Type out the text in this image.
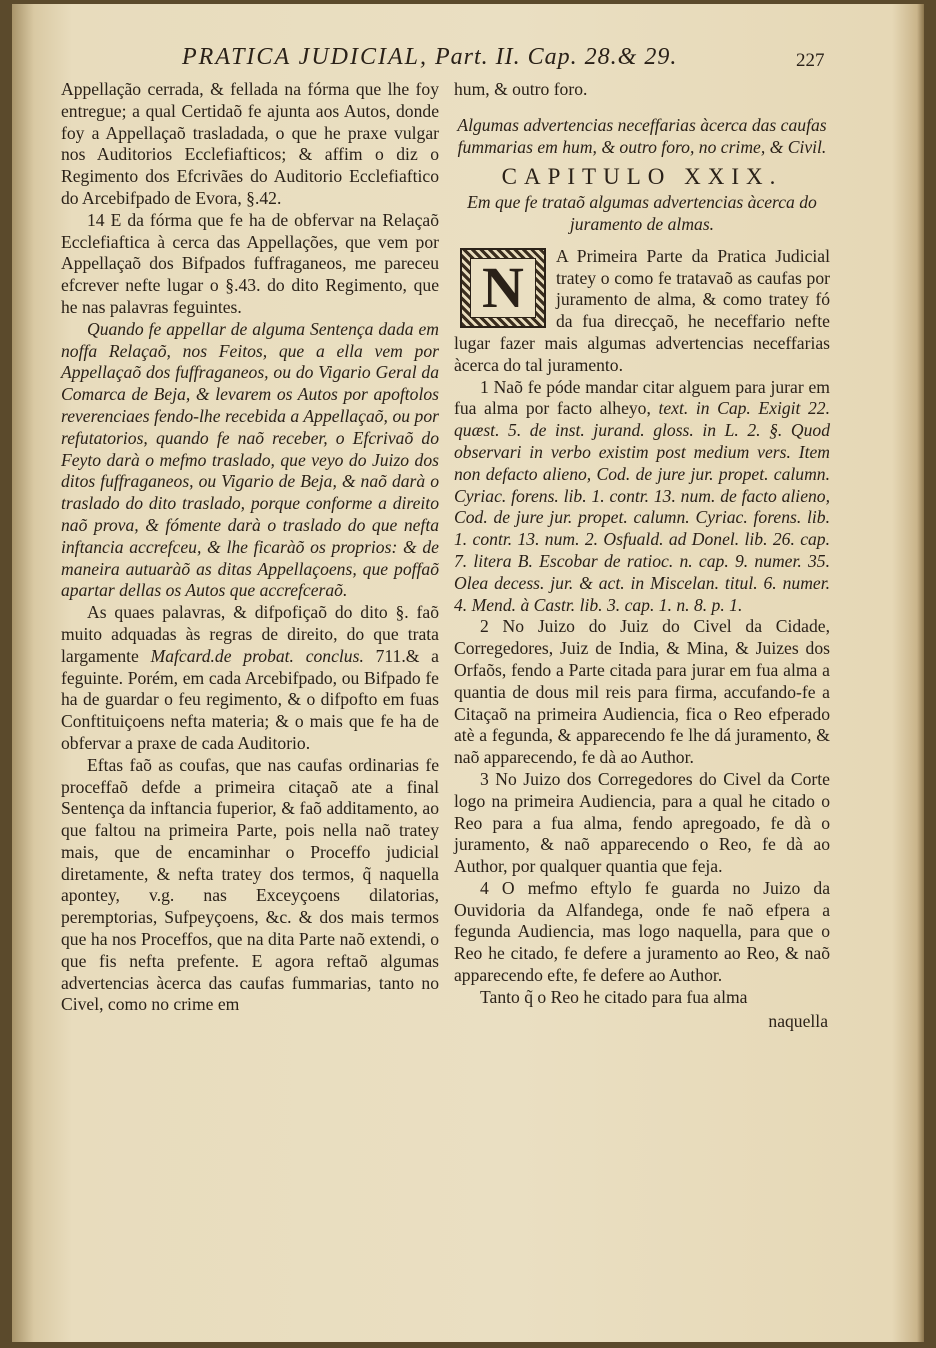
PRATICA JUDICIAL, Part. II. Cap. 28.& 29.	227

Appellação cerrada, & fellada na fórma que lhe foy entregue; a qual Certidaõ fe ajunta aos Autos, donde foy a Appellaçaõ trasladada, o que he praxe vulgar nos Auditorios Ecclefiafticos; & affim o diz o Regimento dos Efcrivães do Auditorio Ecclefiaftico do Arcebifpado de Evora, §.42.

14 E da fórma que fe ha de obfervar na Relaçaõ Ecclefiaftica à cerca das Appellações, que vem por Appellaçaõ dos Bifpados fuffraganeos, me pareceu efcrever nefte lugar o §.43. do dito Regimento, que he nas palavras feguintes.

Quando fe appellar de alguma Sentença dada em noffa Relaçaõ, nos Feitos, que a ella vem por Appellaçaõ dos fuffraganeos, ou do Vigario Geral da Comarca de Beja, & levarem os Autos por apoftolos reverenciaes fendo-lhe recebida a Appellaçaõ, ou por refutatorios, quando fe naõ receber, o Efcrivaõ do Feyto darà o mefmo traslado, que veyo do Juizo dos ditos fuffraganeos, ou Vigario de Beja, & naõ darà o traslado do dito traslado, porque conforme a direito naõ prova, & fómente darà o traslado do que nefta inftancia accrefceu, & lhe ficaràõ os proprios: & de maneira autuaràõ as ditas Appellaçoens, que poffaõ apartar dellas os Autos que accrefceraõ.

As quaes palavras, & difpofiçaõ do dito §. faõ muito adquadas às regras de direito, do que trata largamente Mafcard.de probat. conclus. 711.& a feguinte. Porém, em cada Arcebifpado, ou Bifpado fe ha de guardar o feu regimento, & o difpofto em fuas Conftituiçoens nefta materia; & o mais que fe ha de obfervar a praxe de cada Auditorio.

Eftas faõ as coufas, que nas caufas ordinarias fe proceffaõ defde a primeira citaçaõ ate a final Sentença da inftancia fuperior, & faõ additamento, ao que faltou na primeira Parte, pois nella naõ tratey mais, que de encaminhar o Proceffo judicial diretamente, & nefta tratey dos termos, q̃ naquella apontey, v.g. nas Exceyçoens dilatorias, peremptorias, Sufpeyçoens, &c. & dos mais termos que ha nos Proceffos, que na dita Parte naõ extendi, o que fis nefta prefente. E agora reftaõ algumas advertencias àcerca das caufas fummarias, tanto no Civel, como no crime em

hum, & outro foro.

Algumas advertencias neceffarias àcerca das caufas fummarias em hum, & outro foro, no crime, & Civil.

CAPITULO XXIX.

Em que fe trataõ algumas advertencias àcerca do juramento de almas.

N	A Primeira Parte da Pratica Judicial tratey o como fe tratavaõ as caufas por juramento de alma, & como tratey fó da fua direcçaõ, he neceffario nefte lugar fazer mais algumas advertencias neceffarias àcerca do tal juramento.

1 Naõ fe póde mandar citar alguem para jurar em fua alma por facto alheyo, text. in Cap. Exigit 22. quæst. 5. de inst. jurand. gloss. in L. 2. §. Quod observari in verbo existim post medium vers. Item non defacto alieno, Cod. de jure jur. propet. calumn. Cyriac. forens. lib. 1. contr. 13. num. de facto alieno, Cod. de jure jur. propet. calumn. Cyriac. forens. lib. 1. contr. 13. num. 2. Osfuald. ad Donel. lib. 26. cap. 7. litera B. Escobar de ratioc. n. cap. 9. numer. 35. Olea decess. jur. & act. in Miscelan. titul. 6. numer. 4. Mend. à Castr. lib. 3. cap. 1. n. 8. p. 1.

2 No Juizo do Juiz do Civel da Cidade, Corregedores, Juiz de India, & Mina, & Juizes dos Orfaõs, fendo a Parte citada para jurar em fua alma a quantia de dous mil reis para firma, accufando-fe a Citaçaõ na primeira Audiencia, fica o Reo efperado atè a fegunda, & apparecendo fe lhe dá juramento, & naõ apparecendo, fe dà ao Author.

3 No Juizo dos Corregedores do Civel da Corte logo na primeira Audiencia, para a qual he citado o Reo para a fua alma, fendo apregoado, fe dà o juramento, & naõ apparecendo o Reo, fe dà ao Author, por qualquer quantia que feja.

4 O mefmo eftylo fe guarda no Juizo da Ouvidoria da Alfandega, onde fe naõ efpera a fegunda Audiencia, mas logo naquella, para que o Reo he citado, fe defere a juramento ao Reo, & naõ apparecendo efte, fe defere ao Author.

Tanto q̃ o Reo he citado para fua alma

naquella
